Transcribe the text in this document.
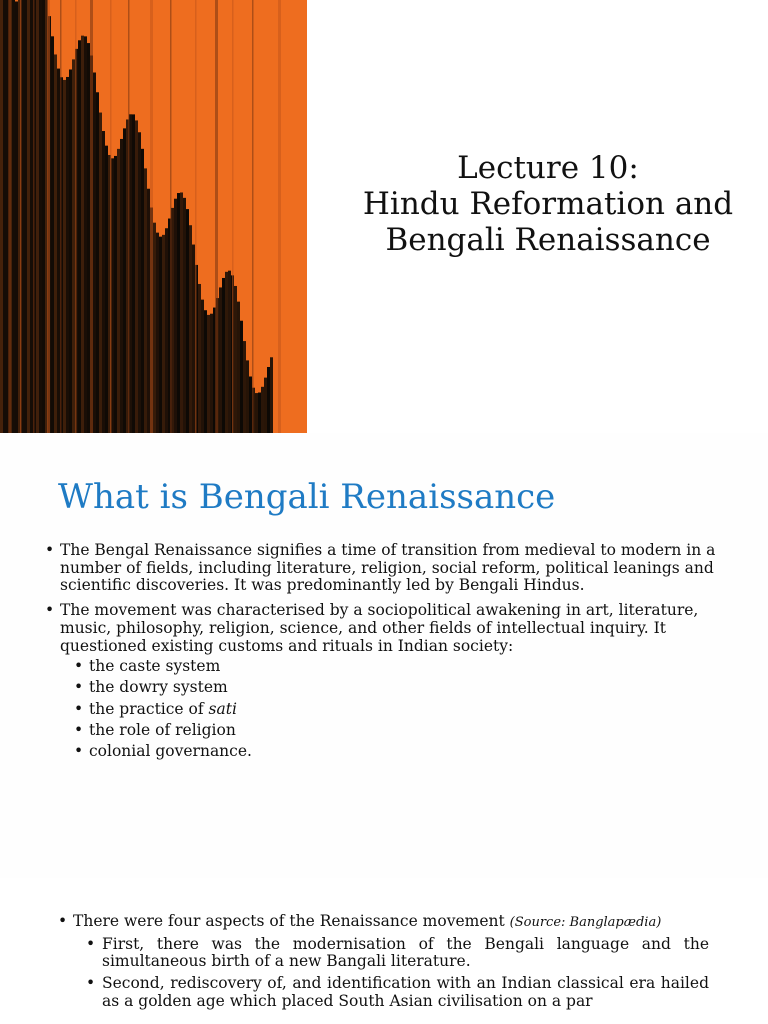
Lecture 10:
Hindu Reformation and
Bengali Renaissance
What is Bengali Renaissance
• The Bengal Renaissance signifies a time of transition from medieval to modern in a number of fields, including literature, religion, social reform, political leanings and scientific discoveries. It was predominantly led by Bengali Hindus.
• The movement was characterised by a sociopolitical awakening in art, literature, music, philosophy, religion, science, and other fields of intellectual inquiry. It questioned existing customs and rituals in Indian society:
• the caste system
• the dowry system
• the practice of sati
• the role of religion
• colonial governance.
• There were four aspects of the Renaissance movement (Source: Banglapædia)
• First, there was the modernisation of the Bengali language and the simultaneous birth of a new Bangali literature.
• Second, rediscovery of, and identification with an Indian classical era hailed as a golden age which placed South Asian civilisation on a par
